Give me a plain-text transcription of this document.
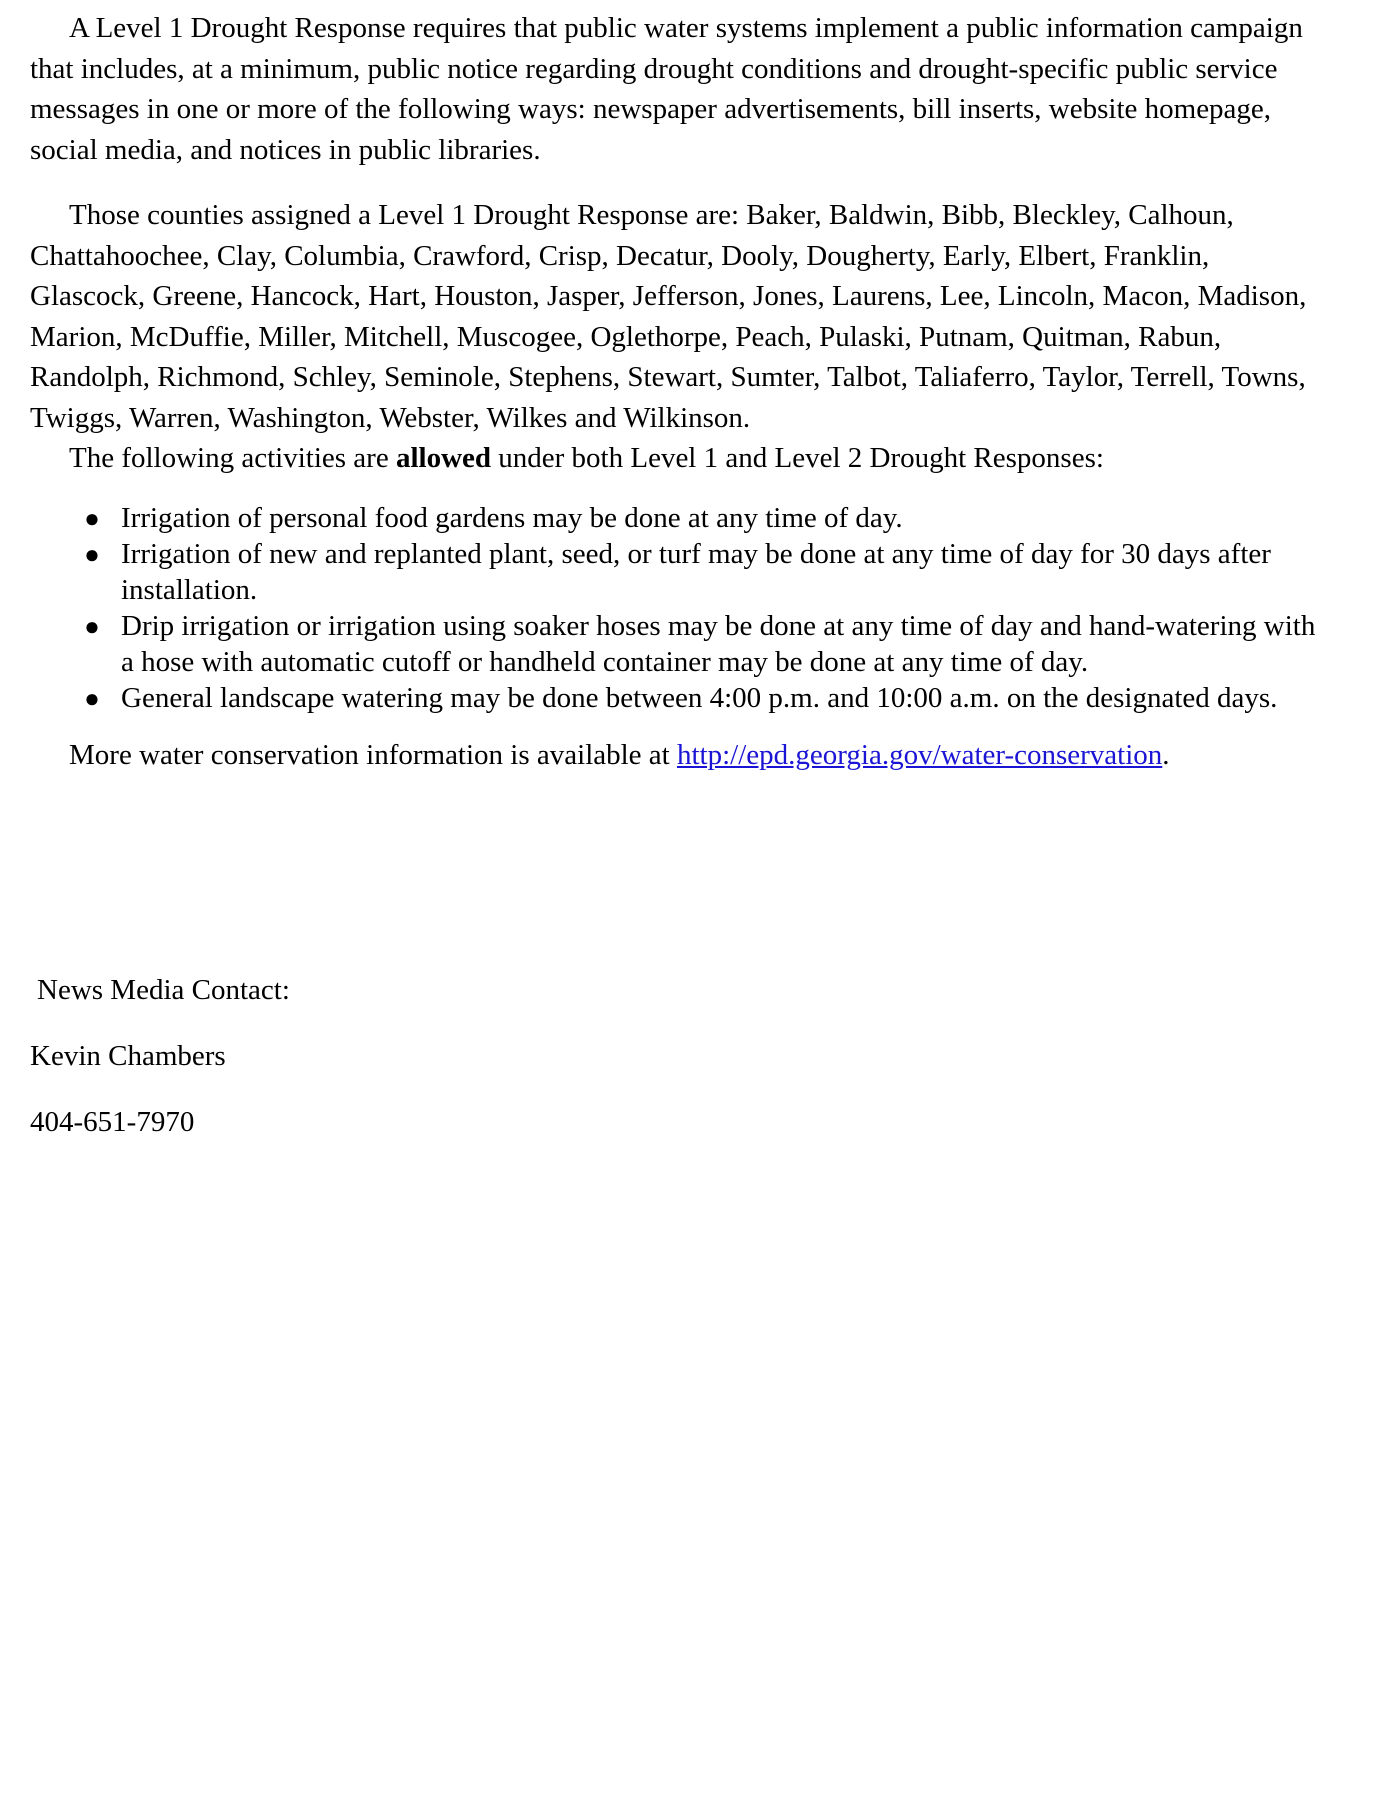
A Level 1 Drought Response requires that public water systems implement a public information campaign that includes, at a minimum, public notice regarding drought conditions and drought-specific public service messages in one or more of the following ways: newspaper advertisements, bill inserts, website homepage, social media, and notices in public libraries.

Those counties assigned a Level 1 Drought Response are: Baker, Baldwin, Bibb, Bleckley, Calhoun, Chattahoochee, Clay, Columbia, Crawford, Crisp, Decatur, Dooly, Dougherty, Early, Elbert, Franklin, Glascock, Greene, Hancock, Hart, Houston, Jasper, Jefferson, Jones, Laurens, Lee, Lincoln, Macon, Madison, Marion, McDuffie, Miller, Mitchell, Muscogee, Oglethorpe, Peach, Pulaski, Putnam, Quitman, Rabun, Randolph, Richmond, Schley, Seminole, Stephens, Stewart, Sumter, Talbot, Taliaferro, Taylor, Terrell, Towns, Twiggs, Warren, Washington, Webster, Wilkes and Wilkinson.

The following activities are allowed under both Level 1 and Level 2 Drought Responses:

● Irrigation of personal food gardens may be done at any time of day.
● Irrigation of new and replanted plant, seed, or turf may be done at any time of day for 30 days after installation.
● Drip irrigation or irrigation using soaker hoses may be done at any time of day and hand-watering with a hose with automatic cutoff or handheld container may be done at any time of day.
● General landscape watering may be done between 4:00 p.m. and 10:00 a.m. on the designated days.

More water conservation information is available at http://epd.georgia.gov/water-conservation.

News Media Contact:
Kevin Chambers
404-651-7970
